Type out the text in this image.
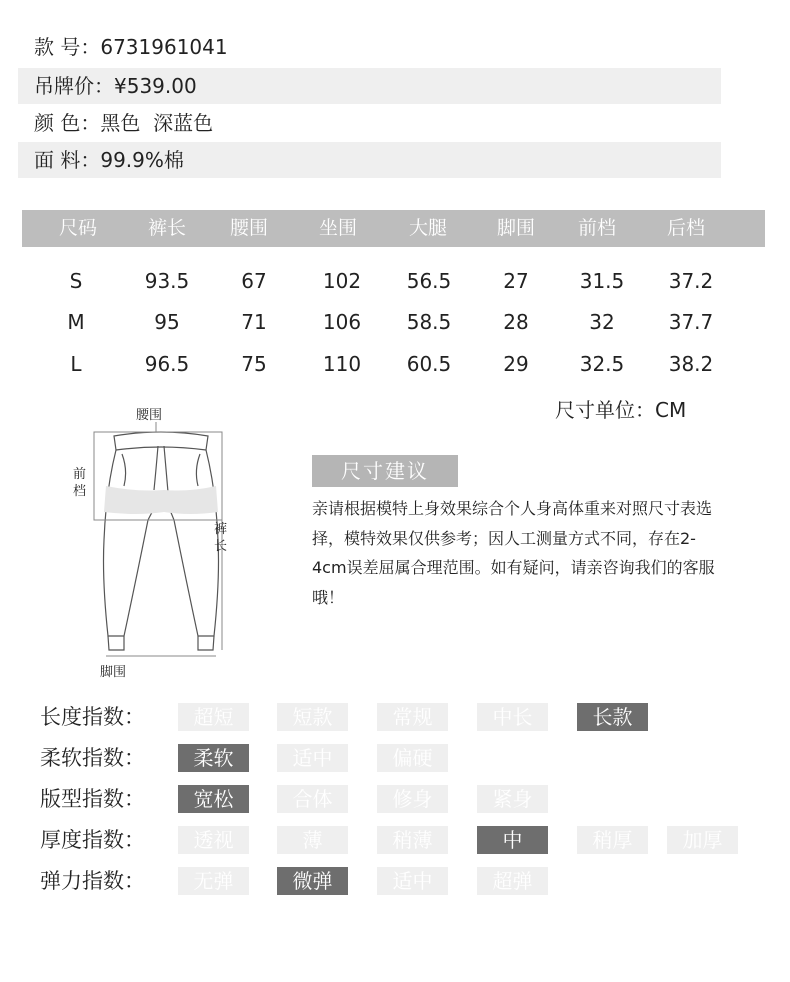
款 号：6731961041
吊牌价：¥539.00
颜 色：黑色  深蓝色
面 料：99.9%棉
尺码	裤长	腰围	坐围	大腿	脚围	前档	后档
S	93.5	67	102	56.5	27	31.5	37.2
M	95	71	106	58.5	28	32	37.7
L	96.5	75	110	60.5	29	32.5	38.2
尺寸单位：CM
腰围
前
档
裤
长
脚围
尺寸建议
亲请根据模特上身效果综合个人身高体重来对照尺寸表选择，模特效果仅供参考；因人工测量方式不同，存在2-4cm误差屈属合理范围。如有疑问，请亲咨询我们的客服哦！
长度指数：	超短	短款	常规	中长	长款
柔软指数：	柔软	适中	偏硬
版型指数：	宽松	合体	修身	紧身
厚度指数：	透视	薄	稍薄	中	稍厚	加厚
弹力指数：	无弹	微弹	适中	超弹
